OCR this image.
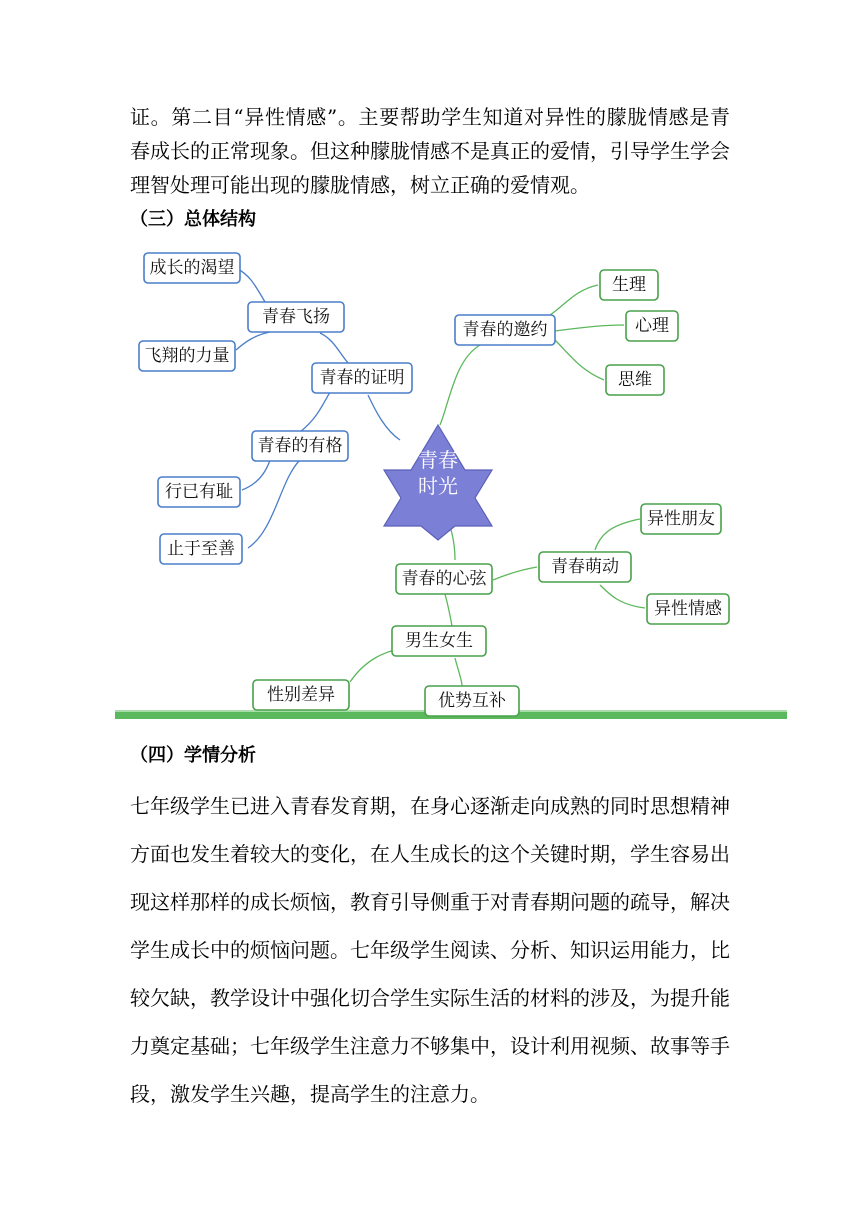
证。第二目“异性情感”。主要帮助学生知道对异性的朦胧情感是青春成长的正常现象。但这种朦胧情感不是真正的爱情，引导学生学会理智处理可能出现的朦胧情感，树立正确的爱情观。

（三）总体结构
青春
时光
成长的渴望
青春飞扬
飞翔的力量
青春的证明
青春的有格
行已有耻
止于至善
青春的邀约
生理
心理
思维
青春的心弦
青春萌动
异性朋友
异性情感
男生女生
性别差异	优势互补
（四）学情分析

七年级学生已进入青春发育期，在身心逐渐走向成熟的同时思想精神方面也发生着较大的变化，在人生成长的这个关键时期，学生容易出现这样那样的成长烦恼，教育引导侧重于对青春期问题的疏导，解决学生成长中的烦恼问题。七年级学生阅读、分析、知识运用能力，比较欠缺，教学设计中强化切合学生实际生活的材料的涉及，为提升能力奠定基础；七年级学生注意力不够集中，设计利用视频、故事等手段，激发学生兴趣，提高学生的注意力。
